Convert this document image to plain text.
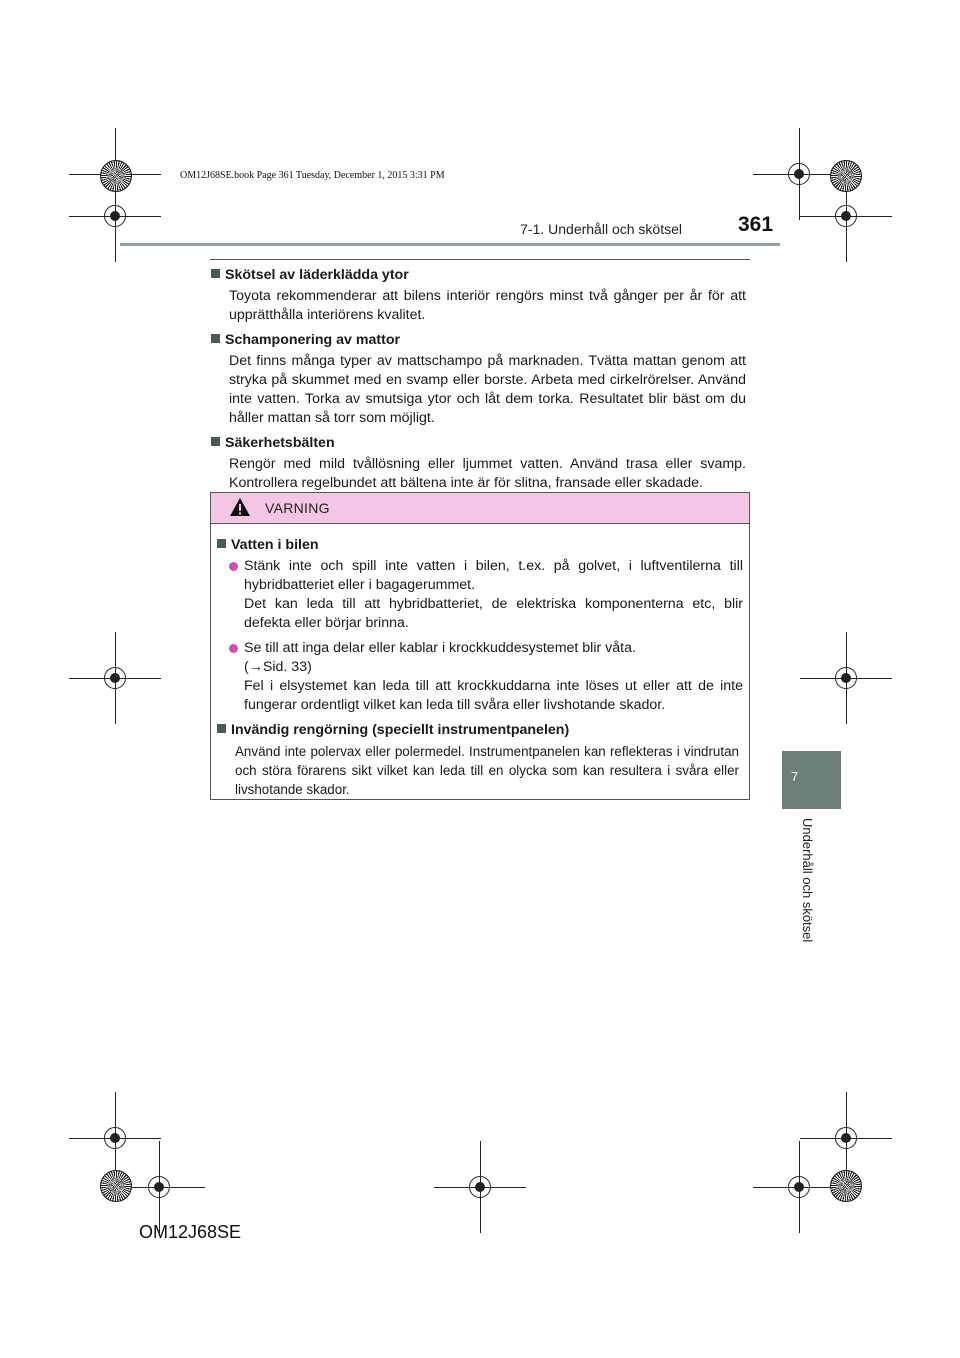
OM12J68SE.book Page 361 Tuesday, December 1, 2015 3:31 PM
7-1. Underhåll och skötsel	361
Skötsel av läderklädda ytor

Toyota rekommenderar att bilens interiör rengörs minst två gånger per år för att upprätthålla interiörens kvalitet.

Schamponering av mattor

Det finns många typer av mattschampo på marknaden. Tvätta mattan genom att stryka på skummet med en svamp eller borste. Arbeta med cirkelrörelser. Använd inte vatten. Torka av smutsiga ytor och låt dem torka. Resultatet blir bäst om du håller mattan så torr som möjligt.

Säkerhetsbälten

Rengör med mild tvållösning eller ljummet vatten. Använd trasa eller svamp. Kontrollera regelbundet att bältena inte är för slitna, fransade eller skadade.

VARNING
Vatten i bilen
Stänk inte och spill inte vatten i bilen, t.ex. på golvet, i luftventilerna till hybridbatteriet eller i bagagerummet.
Det kan leda till att hybridbatteriet, de elektriska komponenterna etc, blir defekta eller börjar brinna.
Se till att inga delar eller kablar i krockkuddesystemet blir våta.
(→Sid. 33)
Fel i elsystemet kan leda till att krockkuddarna inte löses ut eller att de inte fungerar ordentligt vilket kan leda till svåra eller livshotande skador.
Invändig rengörning (speciellt instrumentpanelen)

Använd inte polervax eller polermedel. Instrumentpanelen kan reflekteras i vindrutan och störa förarens sikt vilket kan leda till en olycka som kan resultera i svåra eller livshotande skador.

7
Underhåll och skötsel
OM12J68SE
